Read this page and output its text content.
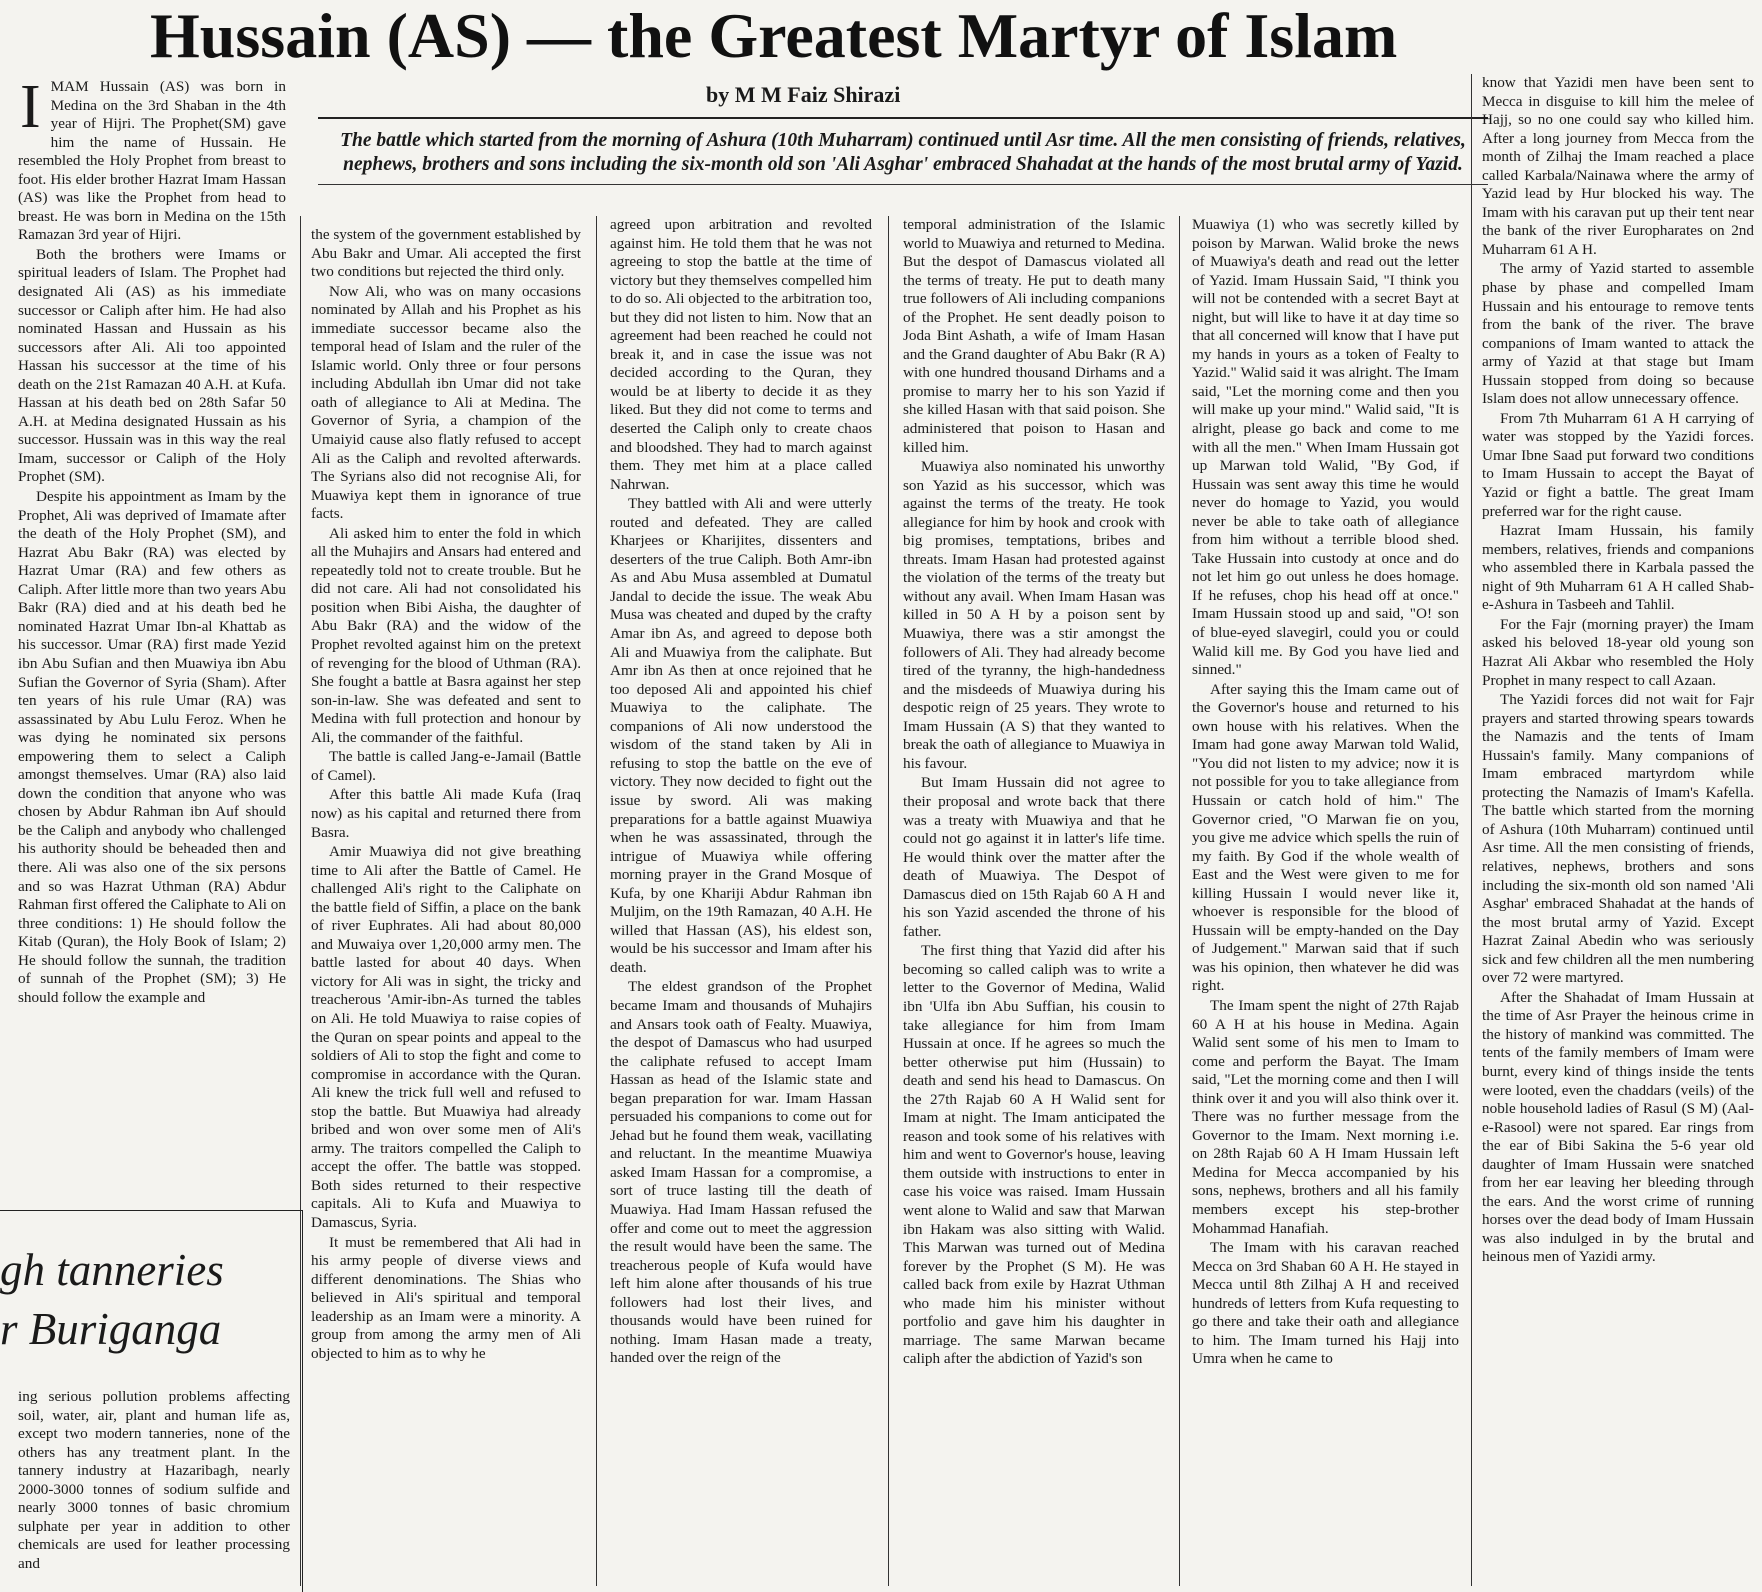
Hussain (AS) — the Greatest Martyr of Islam
by M M Faiz Shirazi

The battle which started from the morning of Ashura (10th Muharram) continued until Asr time. All the men consisting of friends, relatives, nephews, brothers and sons including the six-month old son 'Ali Asghar' embraced Shahadat at the hands of the most brutal army of Yazid.

I MAM Hussain (AS) was born in Medina on the 3rd Shaban in the 4th year of Hijri. The Prophet(SM) gave him the name of Hussain. He resembled the Holy Prophet from breast to foot. His elder brother Hazrat Imam Hassan (AS) was like the Prophet from head to breast. He was born in Medina on the 15th Ramazan 3rd year of Hijri.

Both the brothers were Imams or spiritual leaders of Islam. The Prophet had designated Ali (AS) as his immediate successor or Caliph after him. He had also nominated Hassan and Hussain as his successors after Ali. Ali too appointed Hassan his successor at the time of his death on the 21st Ramazan 40 A.H. at Kufa. Hassan at his death bed on 28th Safar 50 A.H. at Medina designated Hussain as his successor. Hussain was in this way the real Imam, successor or Caliph of the Holy Prophet (SM).

Despite his appointment as Imam by the Prophet, Ali was deprived of Imamate after the death of the Holy Prophet (SM), and Hazrat Abu Bakr (RA) was elected by Hazrat Umar (RA) and few others as Caliph. After little more than two years Abu Bakr (RA) died and at his death bed he nominated Hazrat Umar Ibn-al Khattab as his successor. Umar (RA) first made Yezid ibn Abu Sufian and then Muawiya ibn Abu Sufian the Governor of Syria (Sham). After ten years of his rule Umar (RA) was assassinated by Abu Lulu Feroz. When he was dying he nominated six persons empowering them to select a Caliph amongst themselves. Umar (RA) also laid down the condition that anyone who was chosen by Abdur Rahman ibn Auf should be the Caliph and anybody who challenged his authority should be beheaded then and there. Ali was also one of the six persons and so was Hazrat Uthman (RA) Abdur Rahman first offered the Caliphate to Ali on three conditions: 1) He should follow the Kitab (Quran), the Holy Book of Islam; 2) He should follow the sunnah, the tradition of sunnah of the Prophet (SM); 3) He should follow the example and

the system of the government established by Abu Bakr and Umar. Ali accepted the first two conditions but rejected the third only.

Now Ali, who was on many occasions nominated by Allah and his Prophet as his immediate successor became also the temporal head of Islam and the ruler of the Islamic world. Only three or four persons including Abdullah ibn Umar did not take oath of allegiance to Ali at Medina. The Governor of Syria, a champion of the Umaiyid cause also flatly refused to accept Ali as the Caliph and revolted afterwards. The Syrians also did not recognise Ali, for Muawiya kept them in ignorance of true facts.

Ali asked him to enter the fold in which all the Muhajirs and Ansars had entered and repeatedly told not to create trouble. But he did not care. Ali had not consolidated his position when Bibi Aisha, the daughter of Abu Bakr (RA) and the widow of the Prophet revolted against him on the pretext of revenging for the blood of Uthman (RA). She fought a battle at Basra against her step son-in-law. She was defeated and sent to Medina with full protection and honour by Ali, the commander of the faithful.

The battle is called Jang-e-Jamail (Battle of Camel).

After this battle Ali made Kufa (Iraq now) as his capital and returned there from Basra.

Amir Muawiya did not give breathing time to Ali after the Battle of Camel. He challenged Ali's right to the Caliphate on the battle field of Siffin, a place on the bank of river Euphrates. Ali had about 80,000 and Muwaiya over 1,20,000 army men. The battle lasted for about 40 days. When victory for Ali was in sight, the tricky and treacherous 'Amir-ibn-As turned the tables on Ali. He told Muawiya to raise copies of the Quran on spear points and appeal to the soldiers of Ali to stop the fight and come to compromise in accordance with the Quran. Ali knew the trick full well and refused to stop the battle. But Muawiya had already bribed and won over some men of Ali's army. The traitors compelled the Caliph to accept the offer. The battle was stopped. Both sides returned to their respective capitals. Ali to Kufa and Muawiya to Damascus, Syria.

It must be remembered that Ali had in his army people of diverse views and different denominations. The Shias who believed in Ali's spiritual and temporal leadership as an Imam were a minority. A group from among the army men of Ali objected to him as to why he

agreed upon arbitration and revolted against him. He told them that he was not agreeing to stop the battle at the time of victory but they themselves compelled him to do so. Ali objected to the arbitration too, but they did not listen to him. Now that an agreement had been reached he could not break it, and in case the issue was not decided according to the Quran, they would be at liberty to decide it as they liked. But they did not come to terms and deserted the Caliph only to create chaos and bloodshed. They had to march against them. They met him at a place called Nahrwan.

They battled with Ali and were utterly routed and defeated. They are called Kharjees or Kharijites, dissenters and deserters of the true Caliph. Both Amr-ibn As and Abu Musa assembled at Dumatul Jandal to decide the issue. The weak Abu Musa was cheated and duped by the crafty Amar ibn As, and agreed to depose both Ali and Muawiya from the caliphate. But Amr ibn As then at once rejoined that he too deposed Ali and appointed his chief Muawiya to the caliphate. The companions of Ali now understood the wisdom of the stand taken by Ali in refusing to stop the battle on the eve of victory. They now decided to fight out the issue by sword. Ali was making preparations for a battle against Muawiya when he was assassinated, through the intrigue of Muawiya while offering morning prayer in the Grand Mosque of Kufa, by one Khariji Abdur Rahman ibn Muljim, on the 19th Ramazan, 40 A.H. He willed that Hassan (AS), his eldest son, would be his successor and Imam after his death.

The eldest grandson of the Prophet became Imam and thousands of Muhajirs and Ansars took oath of Fealty. Muawiya, the despot of Damascus who had usurped the caliphate refused to accept Imam Hassan as head of the Islamic state and began preparation for war. Imam Hassan persuaded his companions to come out for Jehad but he found them weak, vacillating and reluctant. In the meantime Muawiya asked Imam Hassan for a compromise, a sort of truce lasting till the death of Muawiya. Had Imam Hassan refused the offer and come out to meet the aggression the result would have been the same. The treacherous people of Kufa would have left him alone after thousands of his true followers had lost their lives, and thousands would have been ruined for nothing. Imam Hasan made a treaty, handed over the reign of the

temporal administration of the Islamic world to Muawiya and returned to Medina. But the despot of Damascus violated all the terms of treaty. He put to death many true followers of Ali including companions of the Prophet. He sent deadly poison to Joda Bint Ashath, a wife of Imam Hasan and the Grand daughter of Abu Bakr (R A) with one hundred thousand Dirhams and a promise to marry her to his son Yazid if she killed Hasan with that said poison. She administered that poison to Hasan and killed him.

Muawiya also nominated his unworthy son Yazid as his successor, which was against the terms of the treaty. He took allegiance for him by hook and crook with big promises, temptations, bribes and threats. Imam Hasan had protested against the violation of the terms of the treaty but without any avail. When Imam Hasan was killed in 50 A H by a poison sent by Muawiya, there was a stir amongst the followers of Ali. They had already become tired of the tyranny, the high-handedness and the misdeeds of Muawiya during his despotic reign of 25 years. They wrote to Imam Hussain (A S) that they wanted to break the oath of allegiance to Muawiya in his favour.

But Imam Hussain did not agree to their proposal and wrote back that there was a treaty with Muawiya and that he could not go against it in latter's life time. He would think over the matter after the death of Muawiya. The Despot of Damascus died on 15th Rajab 60 A H and his son Yazid ascended the throne of his father.

The first thing that Yazid did after his becoming so called caliph was to write a letter to the Governor of Medina, Walid ibn 'Ulfa ibn Abu Suffian, his cousin to take allegiance for him from Imam Hussain at once. If he agrees so much the better otherwise put him (Hussain) to death and send his head to Damascus. On the 27th Rajab 60 A H Walid sent for Imam at night. The Imam anticipated the reason and took some of his relatives with him and went to Governor's house, leaving them outside with instructions to enter in case his voice was raised. Imam Hussain went alone to Walid and saw that Marwan ibn Hakam was also sitting with Walid. This Marwan was turned out of Medina forever by the Prophet (S M). He was called back from exile by Hazrat Uthman who made him his minister without portfolio and gave him his daughter in marriage. The same Marwan became caliph after the abdiction of Yazid's son

Muawiya (1) who was secretly killed by poison by Marwan. Walid broke the news of Muawiya's death and read out the letter of Yazid. Imam Hussain Said, "I think you will not be contended with a secret Bayt at night, but will like to have it at day time so that all concerned will know that I have put my hands in yours as a token of Fealty to Yazid." Walid said it was alright. The Imam said, "Let the morning come and then you will make up your mind." Walid said, "It is alright, please go back and come to me with all the men." When Imam Hussain got up Marwan told Walid, "By God, if Hussain was sent away this time he would never do homage to Yazid, you would never be able to take oath of allegiance from him without a terrible blood shed. Take Hussain into custody at once and do not let him go out unless he does homage. If he refuses, chop his head off at once." Imam Hussain stood up and said, "O! son of blue-eyed slavegirl, could you or could Walid kill me. By God you have lied and sinned."

After saying this the Imam came out of the Governor's house and returned to his own house with his relatives. When the Imam had gone away Marwan told Walid, "You did not listen to my advice; now it is not possible for you to take allegiance from Hussain or catch hold of him." The Governor cried, "O Marwan fie on you, you give me advice which spells the ruin of my faith. By God if the whole wealth of East and the West were given to me for killing Hussain I would never like it, whoever is responsible for the blood of Hussain will be empty-handed on the Day of Judgement." Marwan said that if such was his opinion, then whatever he did was right.

The Imam spent the night of 27th Rajab 60 A H at his house in Medina. Again Walid sent some of his men to Imam to come and perform the Bayat. The Imam said, "Let the morning come and then I will think over it and you will also think over it. There was no further message from the Governor to the Imam. Next morning i.e. on 28th Rajab 60 A H Imam Hussain left Medina for Mecca accompanied by his sons, nephews, brothers and all his family members except his step-brother Mohammad Hanafiah.

The Imam with his caravan reached Mecca on 3rd Shaban 60 A H. He stayed in Mecca until 8th Zilhaj A H and received hundreds of letters from Kufa requesting to go there and take their oath and allegiance to him. The Imam turned his Hajj into Umra when he came to

know that Yazidi men have been sent to Mecca in disguise to kill him the melee of Hajj, so no one could say who killed him. After a long journey from Mecca from the month of Zilhaj the Imam reached a place called Karbala/Nainawa where the army of Yazid lead by Hur blocked his way. The Imam with his caravan put up their tent near the bank of the river Europharates on 2nd Muharram 61 A H.

The army of Yazid started to assemble phase by phase and compelled Imam Hussain and his entourage to remove tents from the bank of the river. The brave companions of Imam wanted to attack the army of Yazid at that stage but Imam Hussain stopped from doing so because Islam does not allow unnecessary offence.

From 7th Muharram 61 A H carrying of water was stopped by the Yazidi forces. Umar Ibne Saad put forward two conditions to Imam Hussain to accept the Bayat of Yazid or fight a battle. The great Imam preferred war for the right cause.

Hazrat Imam Hussain, his family members, relatives, friends and companions who assembled there in Karbala passed the night of 9th Muharram 61 A H called Shab-e-Ashura in Tasbeeh and Tahlil.

For the Fajr (morning prayer) the Imam asked his beloved 18-year old young son Hazrat Ali Akbar who resembled the Holy Prophet in many respect to call Azaan.

The Yazidi forces did not wait for Fajr prayers and started throwing spears towards the Namazis and the tents of Imam Hussain's family. Many companions of Imam embraced martyrdom while protecting the Namazis of Imam's Kafella. The battle which started from the morning of Ashura (10th Muharram) continued until Asr time. All the men consisting of friends, relatives, nephews, brothers and sons including the six-month old son named 'Ali Asghar' embraced Shahadat at the hands of the most brutal army of Yazid. Except Hazrat Zainal Abedin who was seriously sick and few children all the men numbering over 72 were martyred.

After the Shahadat of Imam Hussain at the time of Asr Prayer the heinous crime in the history of mankind was committed. The tents of the family members of Imam were burnt, every kind of things inside the tents were looted, even the chaddars (veils) of the noble household ladies of Rasul (S M) (Aal-e-Rasool) were not spared. Ear rings from the ear of Bibi Sakina the 5-6 year old daughter of Imam Hussain were snatched from her ear leaving her bleeding through the ears. And the worst crime of running horses over the dead body of Imam Hussain was also indulged in by the brutal and heinous men of Yazidi army.

gh tanneries
r Buriganga

ing serious pollution problems affecting soil, water, air, plant and human life as, except two modern tanneries, none of the others has any treatment plant. In the tannery industry at Hazaribagh, nearly 2000-3000 tonnes of sodium sulfide and nearly 3000 tonnes of basic chromium sulphate per year in addition to other chemicals are used for leather processing and
